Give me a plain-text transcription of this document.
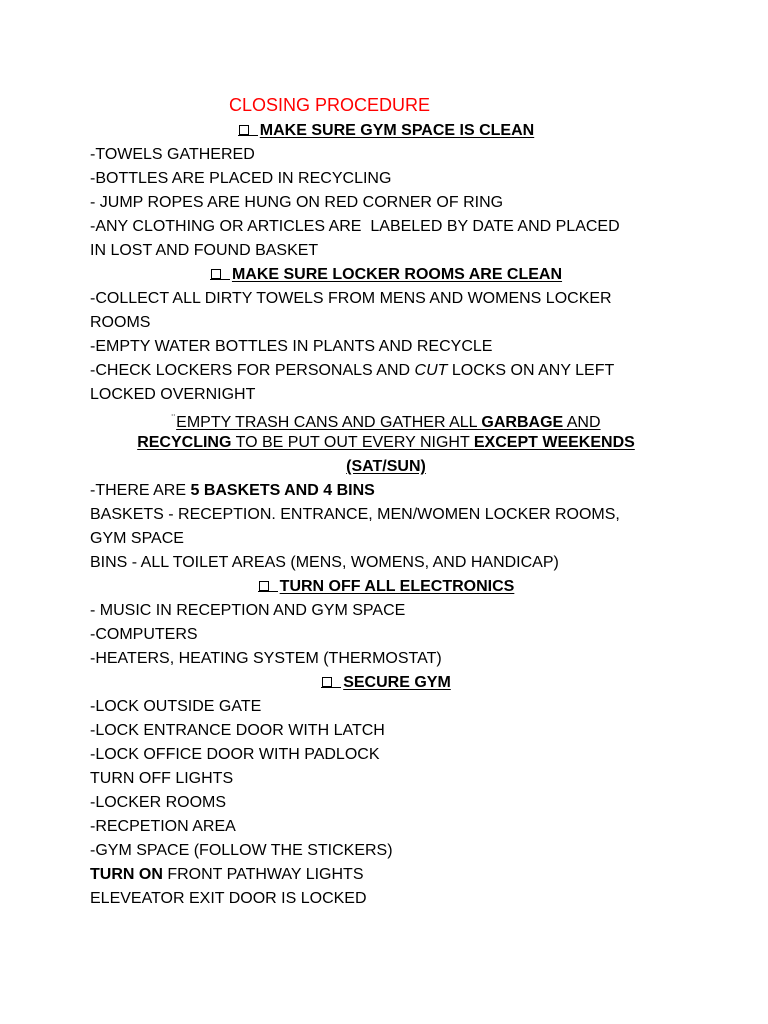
CLOSING PROCEDURE
MAKE SURE GYM SPACE IS CLEAN
-TOWELS GATHERED
-BOTTLES ARE PLACED IN RECYCLING
- JUMP ROPES ARE HUNG ON RED CORNER OF RING
-ANY CLOTHING OR ARTICLES ARE  LABELED BY DATE AND PLACED
IN LOST AND FOUND BASKET
MAKE SURE LOCKER ROOMS ARE CLEAN
-COLLECT ALL DIRTY TOWELS FROM MENS AND WOMENS LOCKER
ROOMS
-EMPTY WATER BOTTLES IN PLANTS AND RECYCLE
-CHECK LOCKERS FOR PERSONALS AND CUT LOCKS ON ANY LEFT
LOCKED OVERNIGHT
¨EMPTY TRASH CANS AND GATHER ALL GARBAGE AND
RECYCLING TO BE PUT OUT EVERY NIGHT EXCEPT WEEKENDS
(SAT/SUN)
-THERE ARE 5 BASKETS AND 4 BINS
BASKETS - RECEPTION. ENTRANCE, MEN/WOMEN LOCKER ROOMS,
GYM SPACE
BINS - ALL TOILET AREAS (MENS, WOMENS, AND HANDICAP)
TURN OFF ALL ELECTRONICS
- MUSIC IN RECEPTION AND GYM SPACE
-COMPUTERS
-HEATERS, HEATING SYSTEM (THERMOSTAT)
SECURE GYM
-LOCK OUTSIDE GATE
-LOCK ENTRANCE DOOR WITH LATCH
-LOCK OFFICE DOOR WITH PADLOCK
TURN OFF LIGHTS
-LOCKER ROOMS
-RECPETION AREA
-GYM SPACE (FOLLOW THE STICKERS)
TURN ON FRONT PATHWAY LIGHTS
ELEVEATOR EXIT DOOR IS LOCKED
